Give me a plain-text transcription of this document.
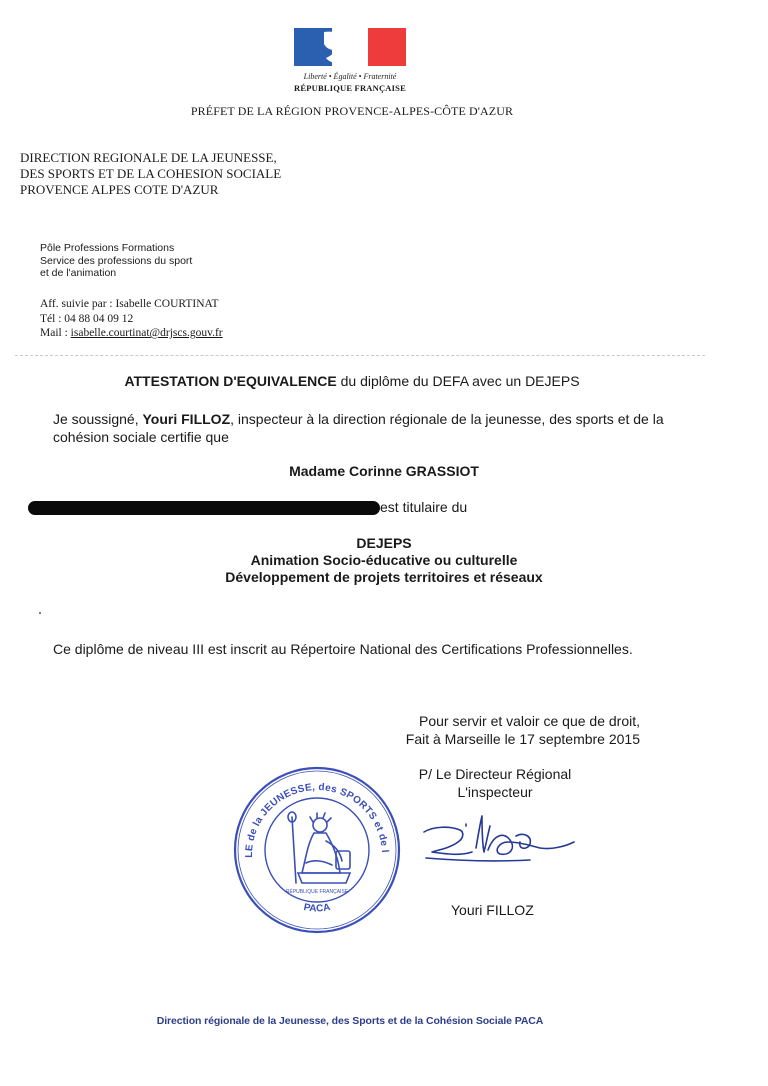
Liberté • Égalité • Fraternité
RÉPUBLIQUE FRANÇAISE
PRÉFET DE LA RÉGION PROVENCE-ALPES-CÔTE D'AZUR
DIRECTION REGIONALE DE LA JEUNESSE,
DES SPORTS ET DE LA COHESION SOCIALE
PROVENCE ALPES COTE D'AZUR
Pôle Professions Formations
Service des professions du sport
et de l'animation
Aff. suivie par : Isabelle COURTINAT
Tél : 04 88 04 09 12
Mail : isabelle.courtinat@drjscs.gouv.fr
ATTESTATION D'EQUIVALENCE du diplôme du DEFA avec un DEJEPS
Je soussigné, Youri FILLOZ, inspecteur à la direction régionale de la jeunesse, des sports et de la cohésion sociale certifie que
Madame Corinne GRASSIOT
est titulaire du
DEJEPS
Animation Socio-éducative ou culturelle
Développement de projets territoires et réseaux
Ce diplôme de niveau III est inscrit au Répertoire National des Certifications Professionnelles.
Pour servir et valoir ce que de droit,
Fait à Marseille le 17 septembre 2015
P/ Le Directeur Régional
L'inspecteur
LE de la JEUNESSE, des SPORTS et de l
PACA
RÉPUBLIQUE FRANÇAISE
Youri FILLOZ
Direction régionale de la Jeunesse, des Sports et de la Cohésion Sociale PACA
